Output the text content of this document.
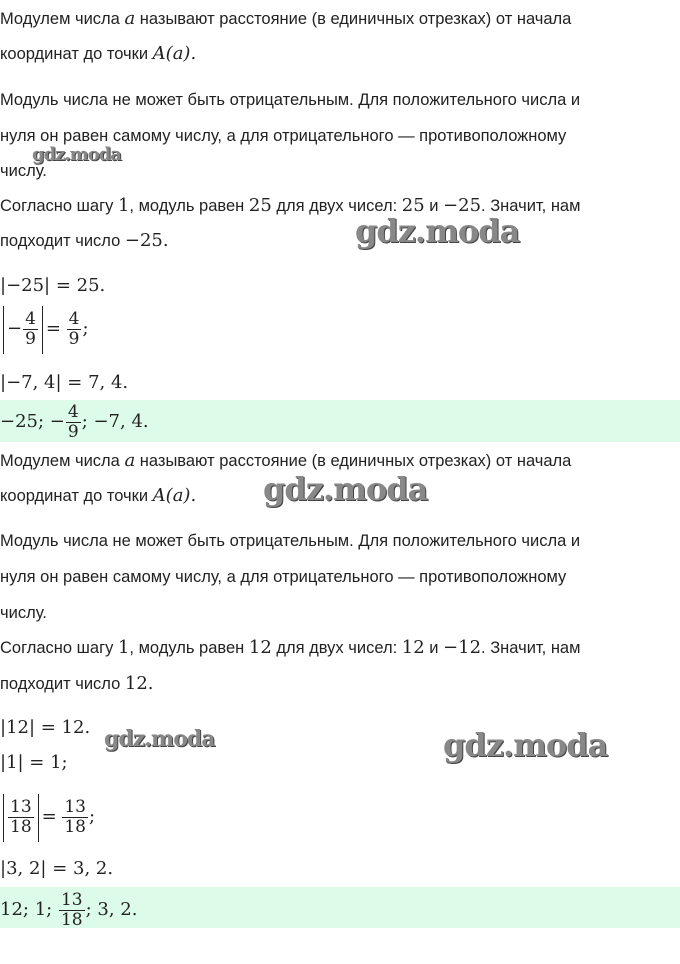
Модулем числа a называют расстояние (в единичных отрезках) от начала
координат до точки A(a).
Модуль числа не может быть отрицательным. Для положительного числа и
нуля он равен самому числу, а для отрицательного — противоположному
числу.
Согласно шагу 1, модуль равен 25 для двух чисел: 25 и −25. Значит, нам
подходит число −25.
|−25| = 25.
− $\frac{4}{9} = \frac{4}{9}$ ;
|−7, 4| = 7, 4.
−25; − $\frac{4}{9}$ ; −7, 4.
Модулем числа a называют расстояние (в единичных отрезках) от начала
координат до точки A(a).
Модуль числа не может быть отрицательным. Для положительного числа и
нуля он равен самому числу, а для отрицательного — противоположному
числу.
Согласно шагу 1, модуль равен 12 для двух чисел: 12 и −12. Значит, нам
подходит число 12.
|12| = 12.
|1| = 1;
$\frac{13}{18} = \frac{13}{18}$ ;
|3, 2| = 3, 2.
12; 1; $\frac{13}{18}$ ; 3, 2.
gdz.moda
gdz.moda
gdz.moda
gdz.moda	gdz.moda
